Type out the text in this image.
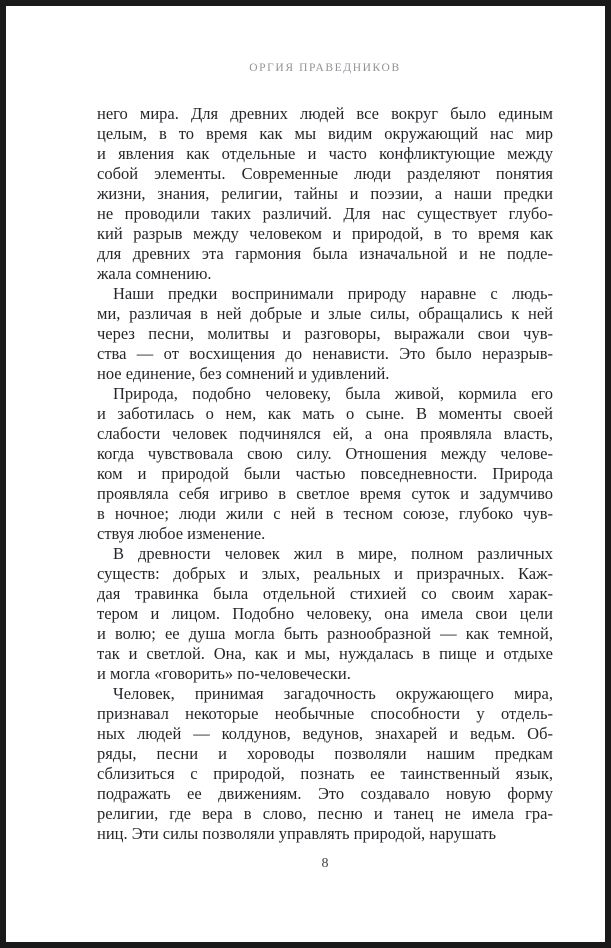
ОРГИЯ ПРАВЕДНИКОВ
него мира. Для древних людей все вокруг было единым
целым, в то время как мы видим окружающий нас мир
и явления как отдельные и часто конфликтующие между
собой элементы. Современные люди разделяют понятия
жизни, знания, религии, тайны и поэзии, а наши предки
не проводили таких различий. Для нас существует глубо-
кий разрыв между человеком и природой, в то время как
для древних эта гармония была изначальной и не подле-
жала сомнению.
Наши предки воспринимали природу наравне с людь-
ми, различая в ней добрые и злые силы, обращались к ней
через песни, молитвы и разговоры, выражали свои чув-
ства — от восхищения до ненависти. Это было неразрыв-
ное единение, без сомнений и удивлений.
Природа, подобно человеку, была живой, кормила его
и заботилась о нем, как мать о сыне. В моменты своей
слабости человек подчинялся ей, а она проявляла власть,
когда чувствовала свою силу. Отношения между челове-
ком и природой были частью повседневности. Природа
проявляла себя игриво в светлое время суток и задумчиво
в ночное; люди жили с ней в тесном союзе, глубоко чув-
ствуя любое изменение.
В древности человек жил в мире, полном различных
существ: добрых и злых, реальных и призрачных. Каж-
дая травинка была отдельной стихией со своим харак-
тером и лицом. Подобно человеку, она имела свои цели
и волю; ее душа могла быть разнообразной — как темной,
так и светлой. Она, как и мы, нуждалась в пище и отдыхе
и могла «говорить» по-человечески.
Человек, принимая загадочность окружающего мира,
признавал некоторые необычные способности у отдель-
ных людей — колдунов, ведунов, знахарей и ведьм. Об-
ряды, песни и хороводы позволяли нашим предкам
сблизиться с природой, познать ее таинственный язык,
подражать ее движениям. Это создавало новую форму
религии, где вера в слово, песню и танец не имела гра-
ниц. Эти силы позволяли управлять природой, нарушать
8
